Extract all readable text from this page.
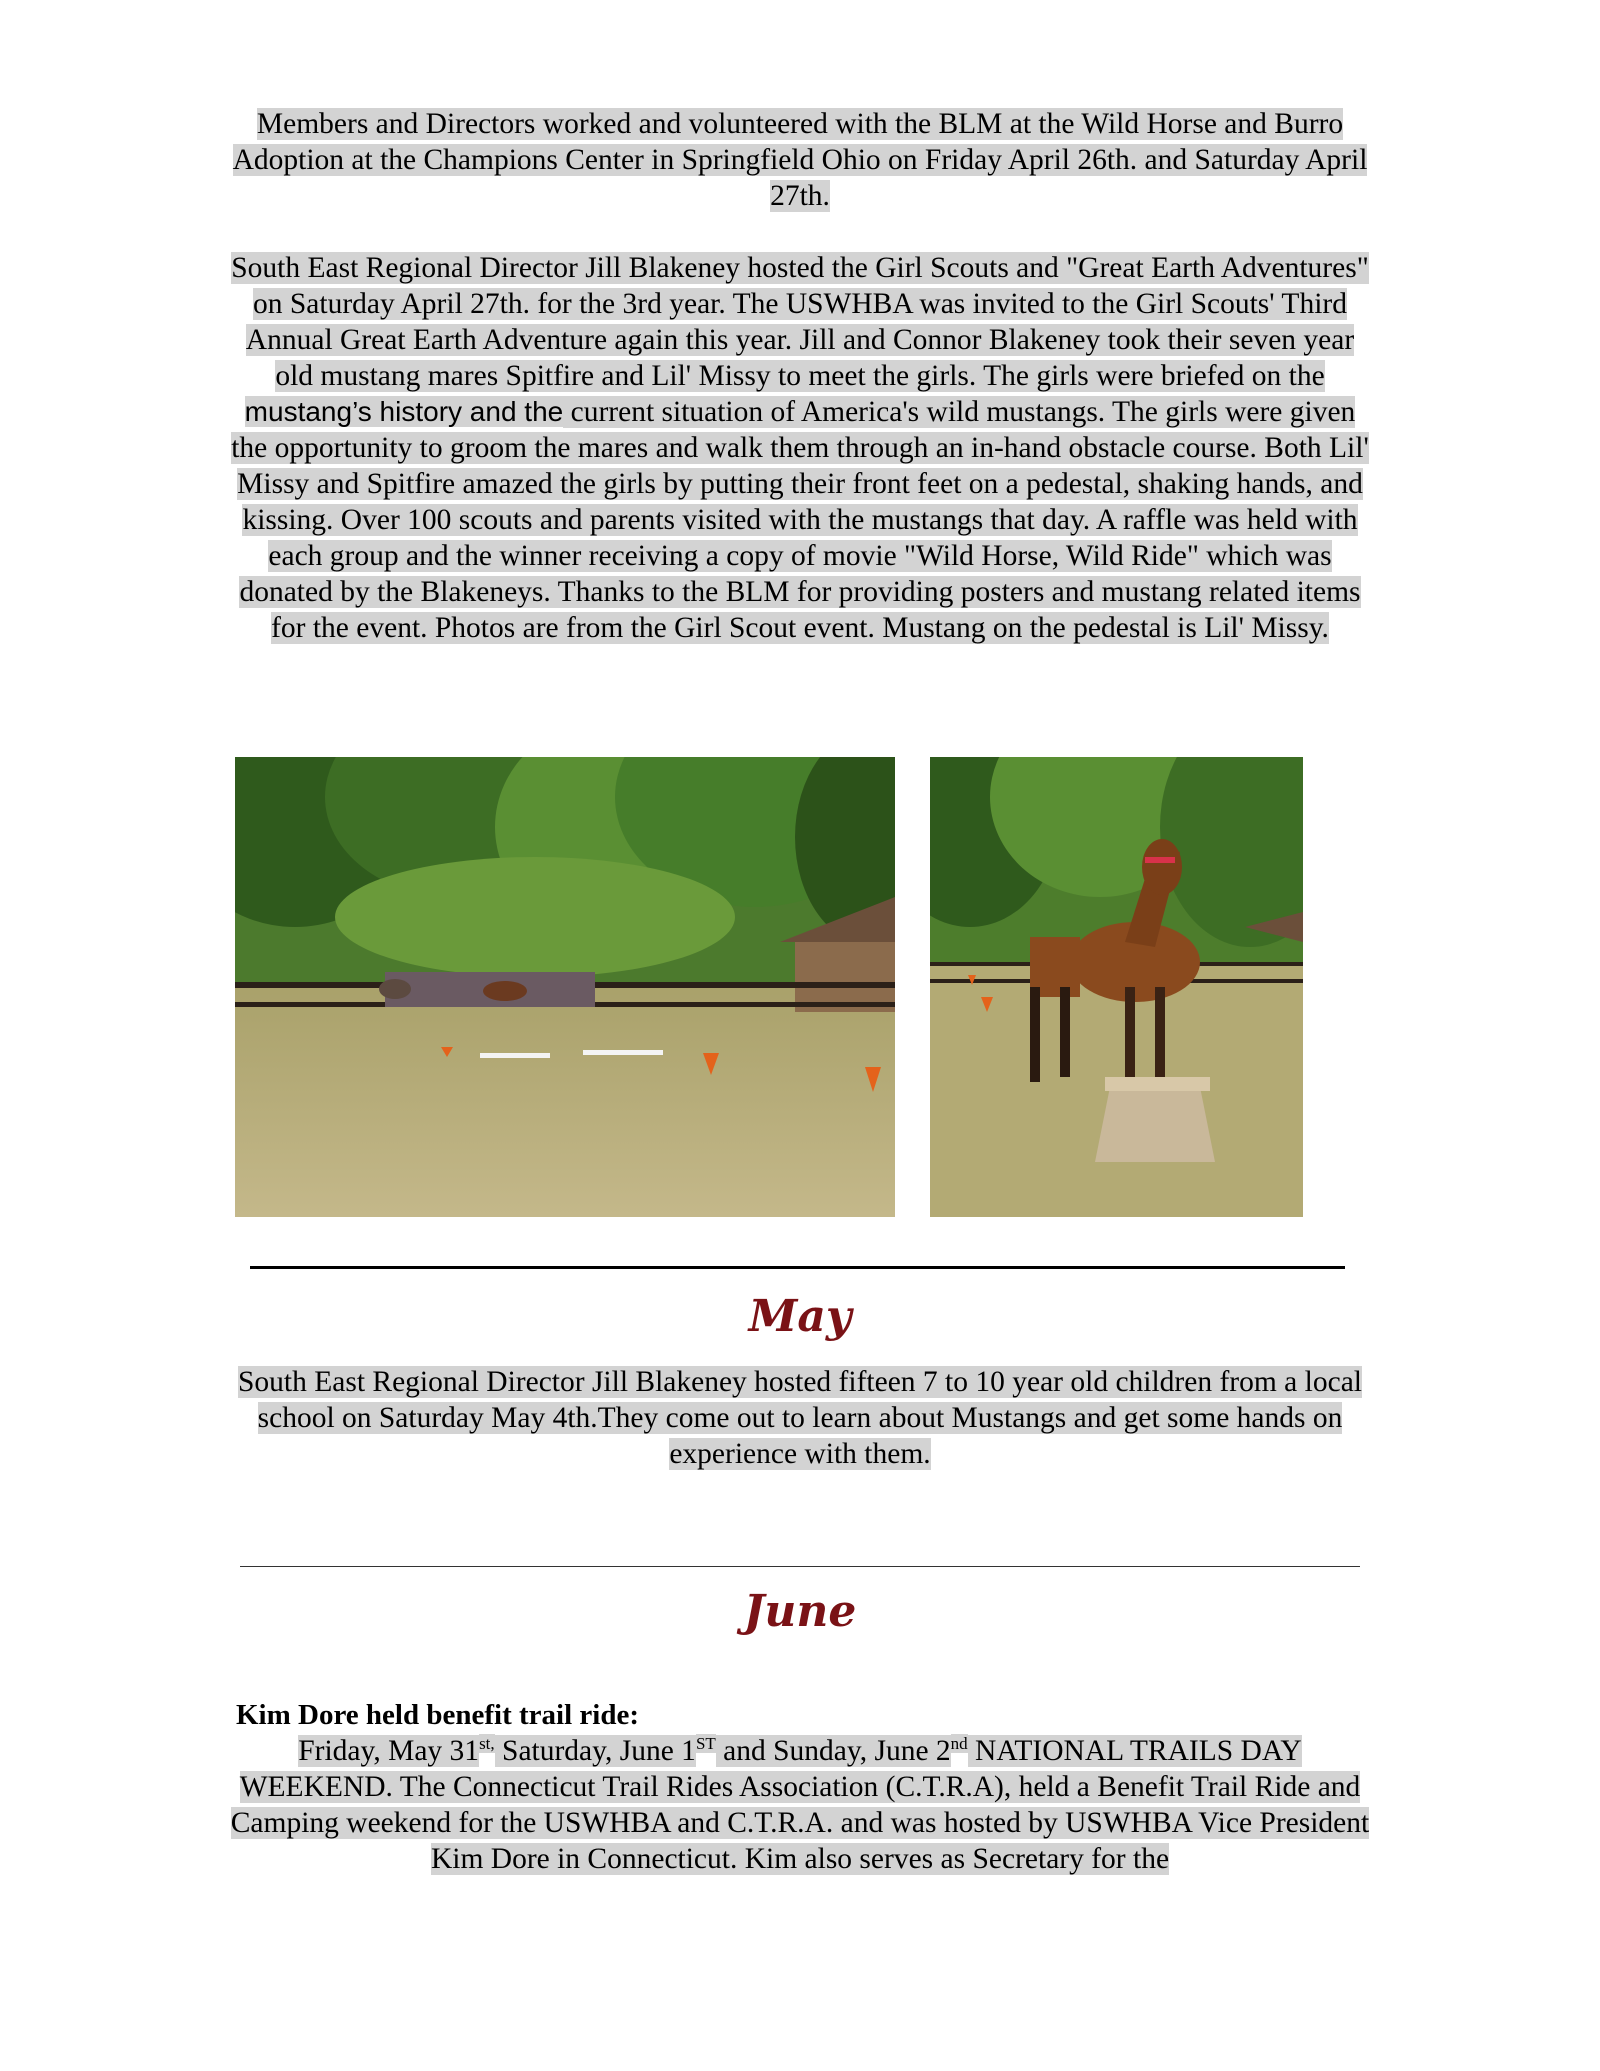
Members and Directors worked and volunteered with the BLM at the Wild Horse and Burro Adoption at the Champions Center in Springfield Ohio on Friday April 26th. and Saturday April 27th.

South East Regional Director Jill Blakeney hosted the Girl Scouts and "Great Earth Adventures" on Saturday April 27th. for the 3rd year. The USWHBA was invited to the Girl Scouts' Third Annual Great Earth Adventure again this year. Jill and Connor Blakeney took their seven year old mustang mares Spitfire and Lil' Missy to meet the girls. The girls were briefed on the mustang’s history and the current situation of America's wild mustangs. The girls were given the opportunity to groom the mares and walk them through an in-hand obstacle course. Both Lil' Missy and Spitfire amazed the girls by putting their front feet on a pedestal, shaking hands, and kissing. Over 100 scouts and parents visited with the mustangs that day. A raffle was held with each group and the winner receiving a copy of movie "Wild Horse, Wild Ride" which was donated by the Blakeneys. Thanks to the BLM for providing posters and mustang related items for the event. Photos are from the Girl Scout event. Mustang on the pedestal is Lil' Missy.

May

South East Regional Director Jill Blakeney hosted fifteen 7 to 10 year old children from a local school on Saturday May 4th.They come out to learn about Mustangs and get some hands on experience with them.

June

Kim Dore held benefit trail ride:

Friday, May $31^{st,}$ Saturday, June 1ST and Sunday, June 2nd NATIONAL TRAILS DAY WEEKEND. The Connecticut Trail Rides Association (C.T.R.A), held a Benefit Trail Ride and Camping weekend for the USWHBA and C.T.R.A. and was hosted by USWHBA Vice President Kim Dore in Connecticut. Kim also serves as Secretary for the
